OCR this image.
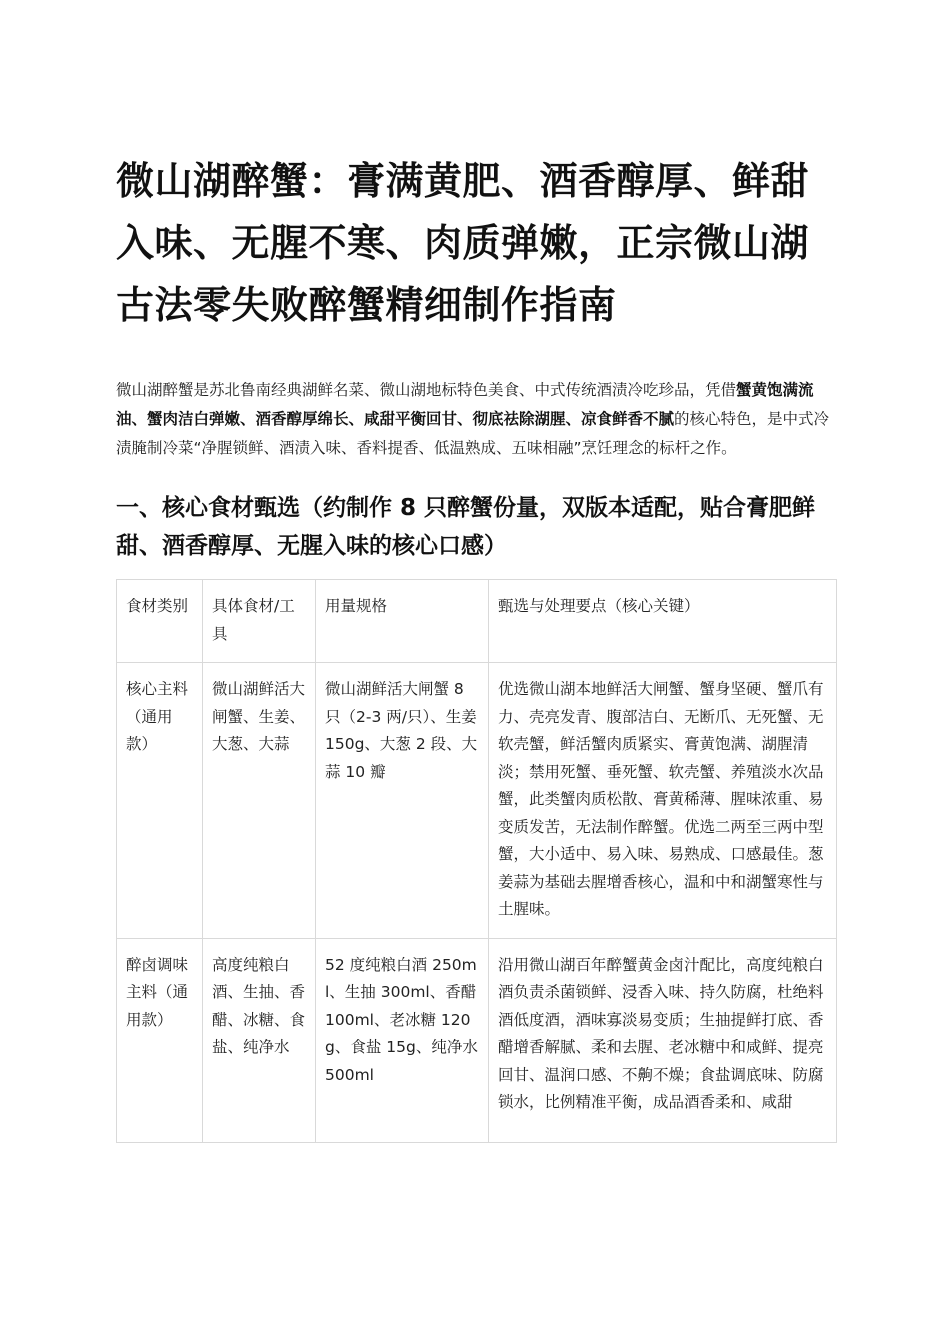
微山湖醉蟹：膏满黄肥、酒香醇厚、鲜甜入味、无腥不寒、肉质弹嫩，正宗微山湖古法零失败醉蟹精细制作指南

微山湖醉蟹是苏北鲁南经典湖鲜名菜、微山湖地标特色美食、中式传统酒渍冷吃珍品，凭借蟹黄饱满流油、蟹肉洁白弹嫩、酒香醇厚绵长、咸甜平衡回甘、彻底祛除湖腥、凉食鲜香不腻的核心特色，是中式冷渍腌制冷菜“净腥锁鲜、酒渍入味、香料提香、低温熟成、五味相融”烹饪理念的标杆之作。

一、核心食材甄选（约制作 8 只醉蟹份量，双版本适配，贴合膏肥鲜甜、酒香醇厚、无腥入味的核心口感）
食材类别	具体食材/工具	用量规格	甄选与处理要点（核心关键）
核心主料（通用款）	微山湖鲜活大闸蟹、生姜、大葱、大蒜	微山湖鲜活大闸蟹 8 只（2-3 两/只）、生姜 150g、大葱 2 段、大蒜 10 瓣	优选微山湖本地鲜活大闸蟹、蟹身坚硬、蟹爪有力、壳亮发青、腹部洁白、无断爪、无死蟹、无软壳蟹，鲜活蟹肉质紧实、膏黄饱满、湖腥清淡；禁用死蟹、垂死蟹、软壳蟹、养殖淡水次品蟹，此类蟹肉质松散、膏黄稀薄、腥味浓重、易变质发苦，无法制作醉蟹。优选二两至三两中型蟹，大小适中、易入味、易熟成、口感最佳。葱姜蒜为基础去腥增香核心，温和中和湖蟹寒性与土腥味。
醉卤调味主料（通用款）	高度纯粮白酒、生抽、香醋、冰糖、食盐、纯净水	52 度纯粮白酒 250ml、生抽 300ml、香醋 100ml、老冰糖 120g、食盐 15g、纯净水 500ml	沿用微山湖百年醉蟹黄金卤汁配比，高度纯粮白酒负责杀菌锁鲜、浸香入味、持久防腐，杜绝料酒低度酒，酒味寡淡易变质；生抽提鲜打底、香醋增香解腻、柔和去腥、老冰糖中和咸鲜、提亮回甘、温润口感、不齁不燥；食盐调底味、防腐锁水，比例精准平衡，成品酒香柔和、咸甜
